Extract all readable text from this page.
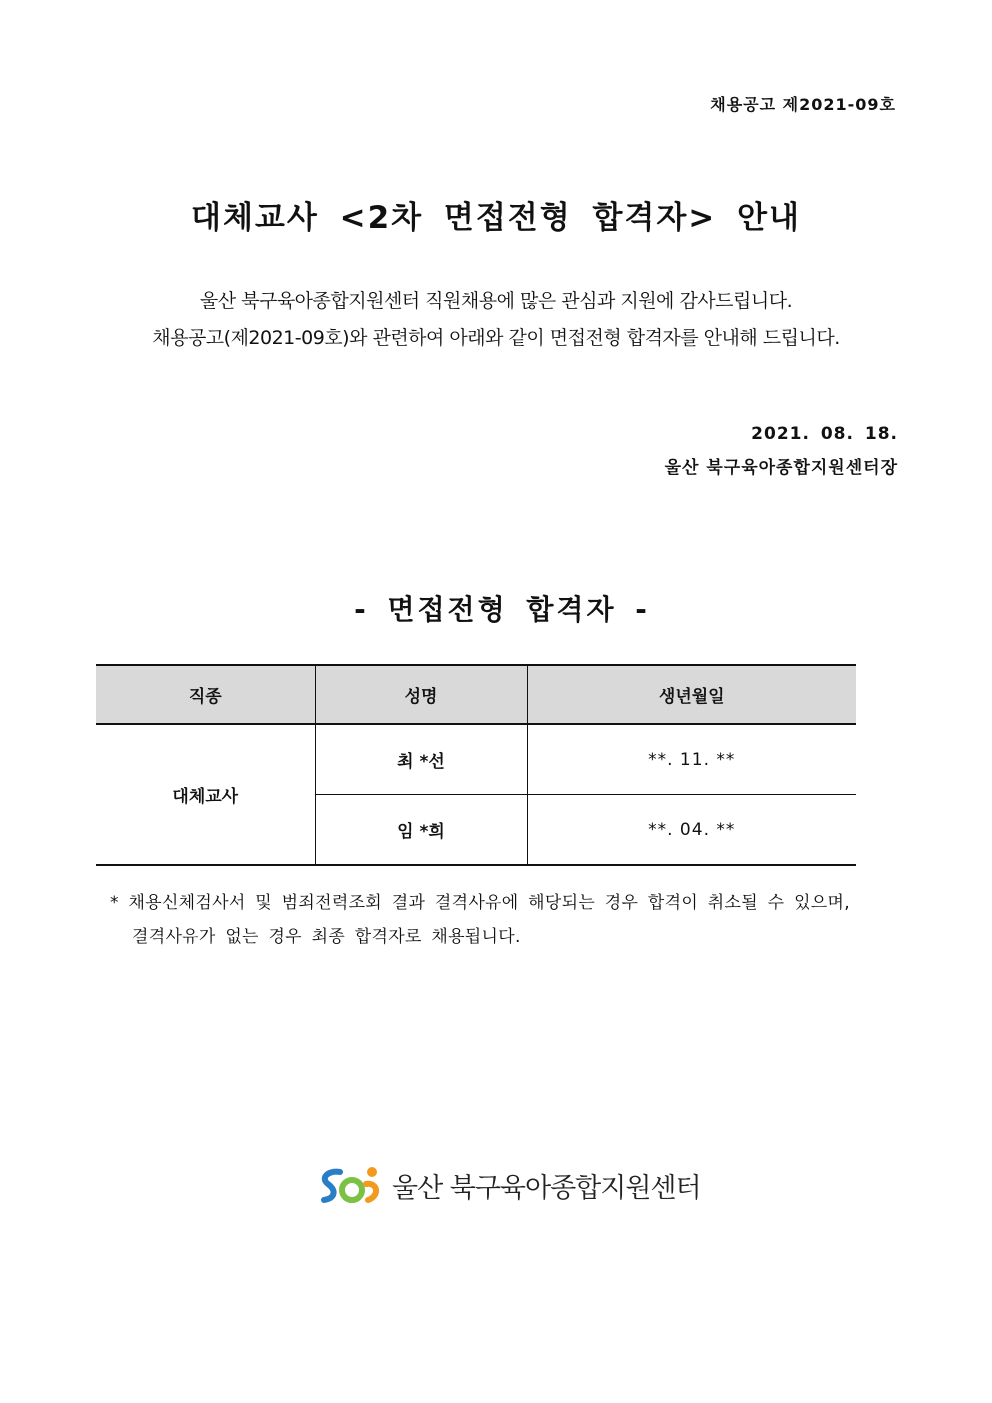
채용공고 제2021-09호
대체교사 <2차 면접전형 합격자> 안내
울산 북구육아종합지원센터 직원채용에 많은 관심과 지원에 감사드립니다.
채용공고(제2021-09호)와 관련하여 아래와 같이 면접전형 합격자를 안내해 드립니다.
2021. 08. 18.
울산 북구육아종합지원센터장
- 면접전형 합격자 -
직종	성명	생년월일
대체교사	최 *선	**. 11. **
	임 *희	**. 04. **
* 채용신체검사서 및 범죄전력조회 결과 결격사유에 해당되는 경우 합격이 취소될 수 있으며,
결격사유가 없는 경우 최종 합격자로 채용됩니다.
울산 북구육아종합지원센터
